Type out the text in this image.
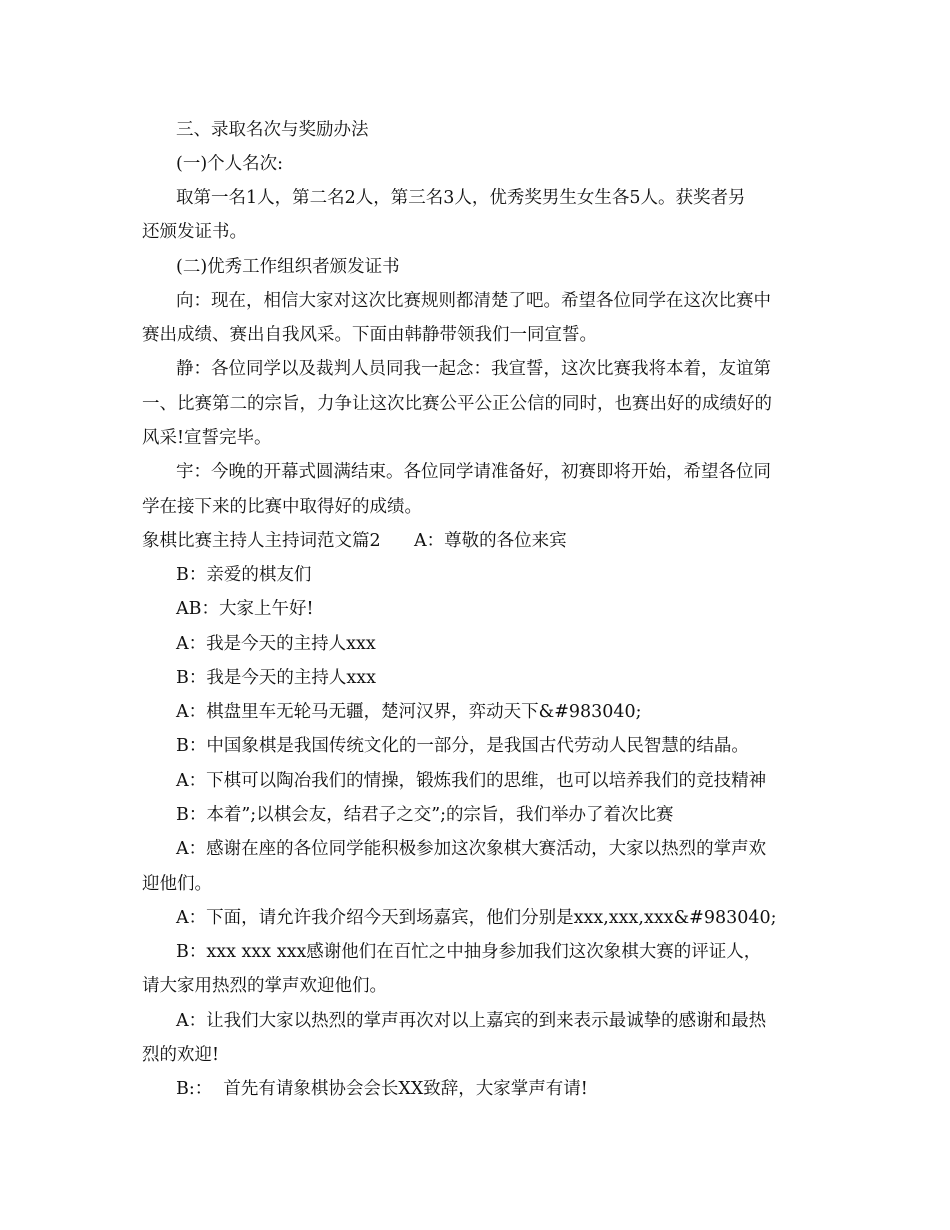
三、录取名次与奖励办法
(一)个人名次:
取第一名1人，第二名2人，第三名3人，优秀奖男生女生各5人。获奖者另
还颁发证书。
(二)优秀工作组织者颁发证书
向：现在，相信大家对这次比赛规则都清楚了吧。希望各位同学在这次比赛中
赛出成绩、赛出自我风采。下面由韩静带领我们一同宣誓。
静：各位同学以及裁判人员同我一起念：我宣誓，这次比赛我将本着，友谊第
一、比赛第二的宗旨，力争让这次比赛公平公正公信的同时，也赛出好的成绩好的
风采!宣誓完毕。
宇：今晚的开幕式圆满结束。各位同学请准备好，初赛即将开始，希望各位同
学在接下来的比赛中取得好的成绩。
象棋比赛主持人主持词范文篇2      A：尊敬的各位来宾
B：亲爱的棋友们
AB：大家上午好!
A：我是今天的主持人xxx
B：我是今天的主持人xxx
A：棋盘里车无轮马无疆，楚河汉界，弈动天下&#983040;
B：中国象棋是我国传统文化的一部分，是我国古代劳动人民智慧的结晶。
A：下棋可以陶冶我们的情操，锻炼我们的思维，也可以培养我们的竞技精神
B：本着”;以棋会友，结君子之交”;的宗旨，我们举办了着次比赛
A：感谢在座的各位同学能积极参加这次象棋大赛活动，大家以热烈的掌声欢
迎他们。
A：下面，请允许我介绍今天到场嘉宾，他们分别是xxx,xxx,xxx&#983040;
B：xxx xxx xxx感谢他们在百忙之中抽身参加我们这次象棋大赛的评证人，
请大家用热烈的掌声欢迎他们。
A：让我们大家以热烈的掌声再次对以上嘉宾的到来表示最诚挚的感谢和最热
烈的欢迎!
B:：  首先有请象棋协会会长XX致辞，大家掌声有请!
